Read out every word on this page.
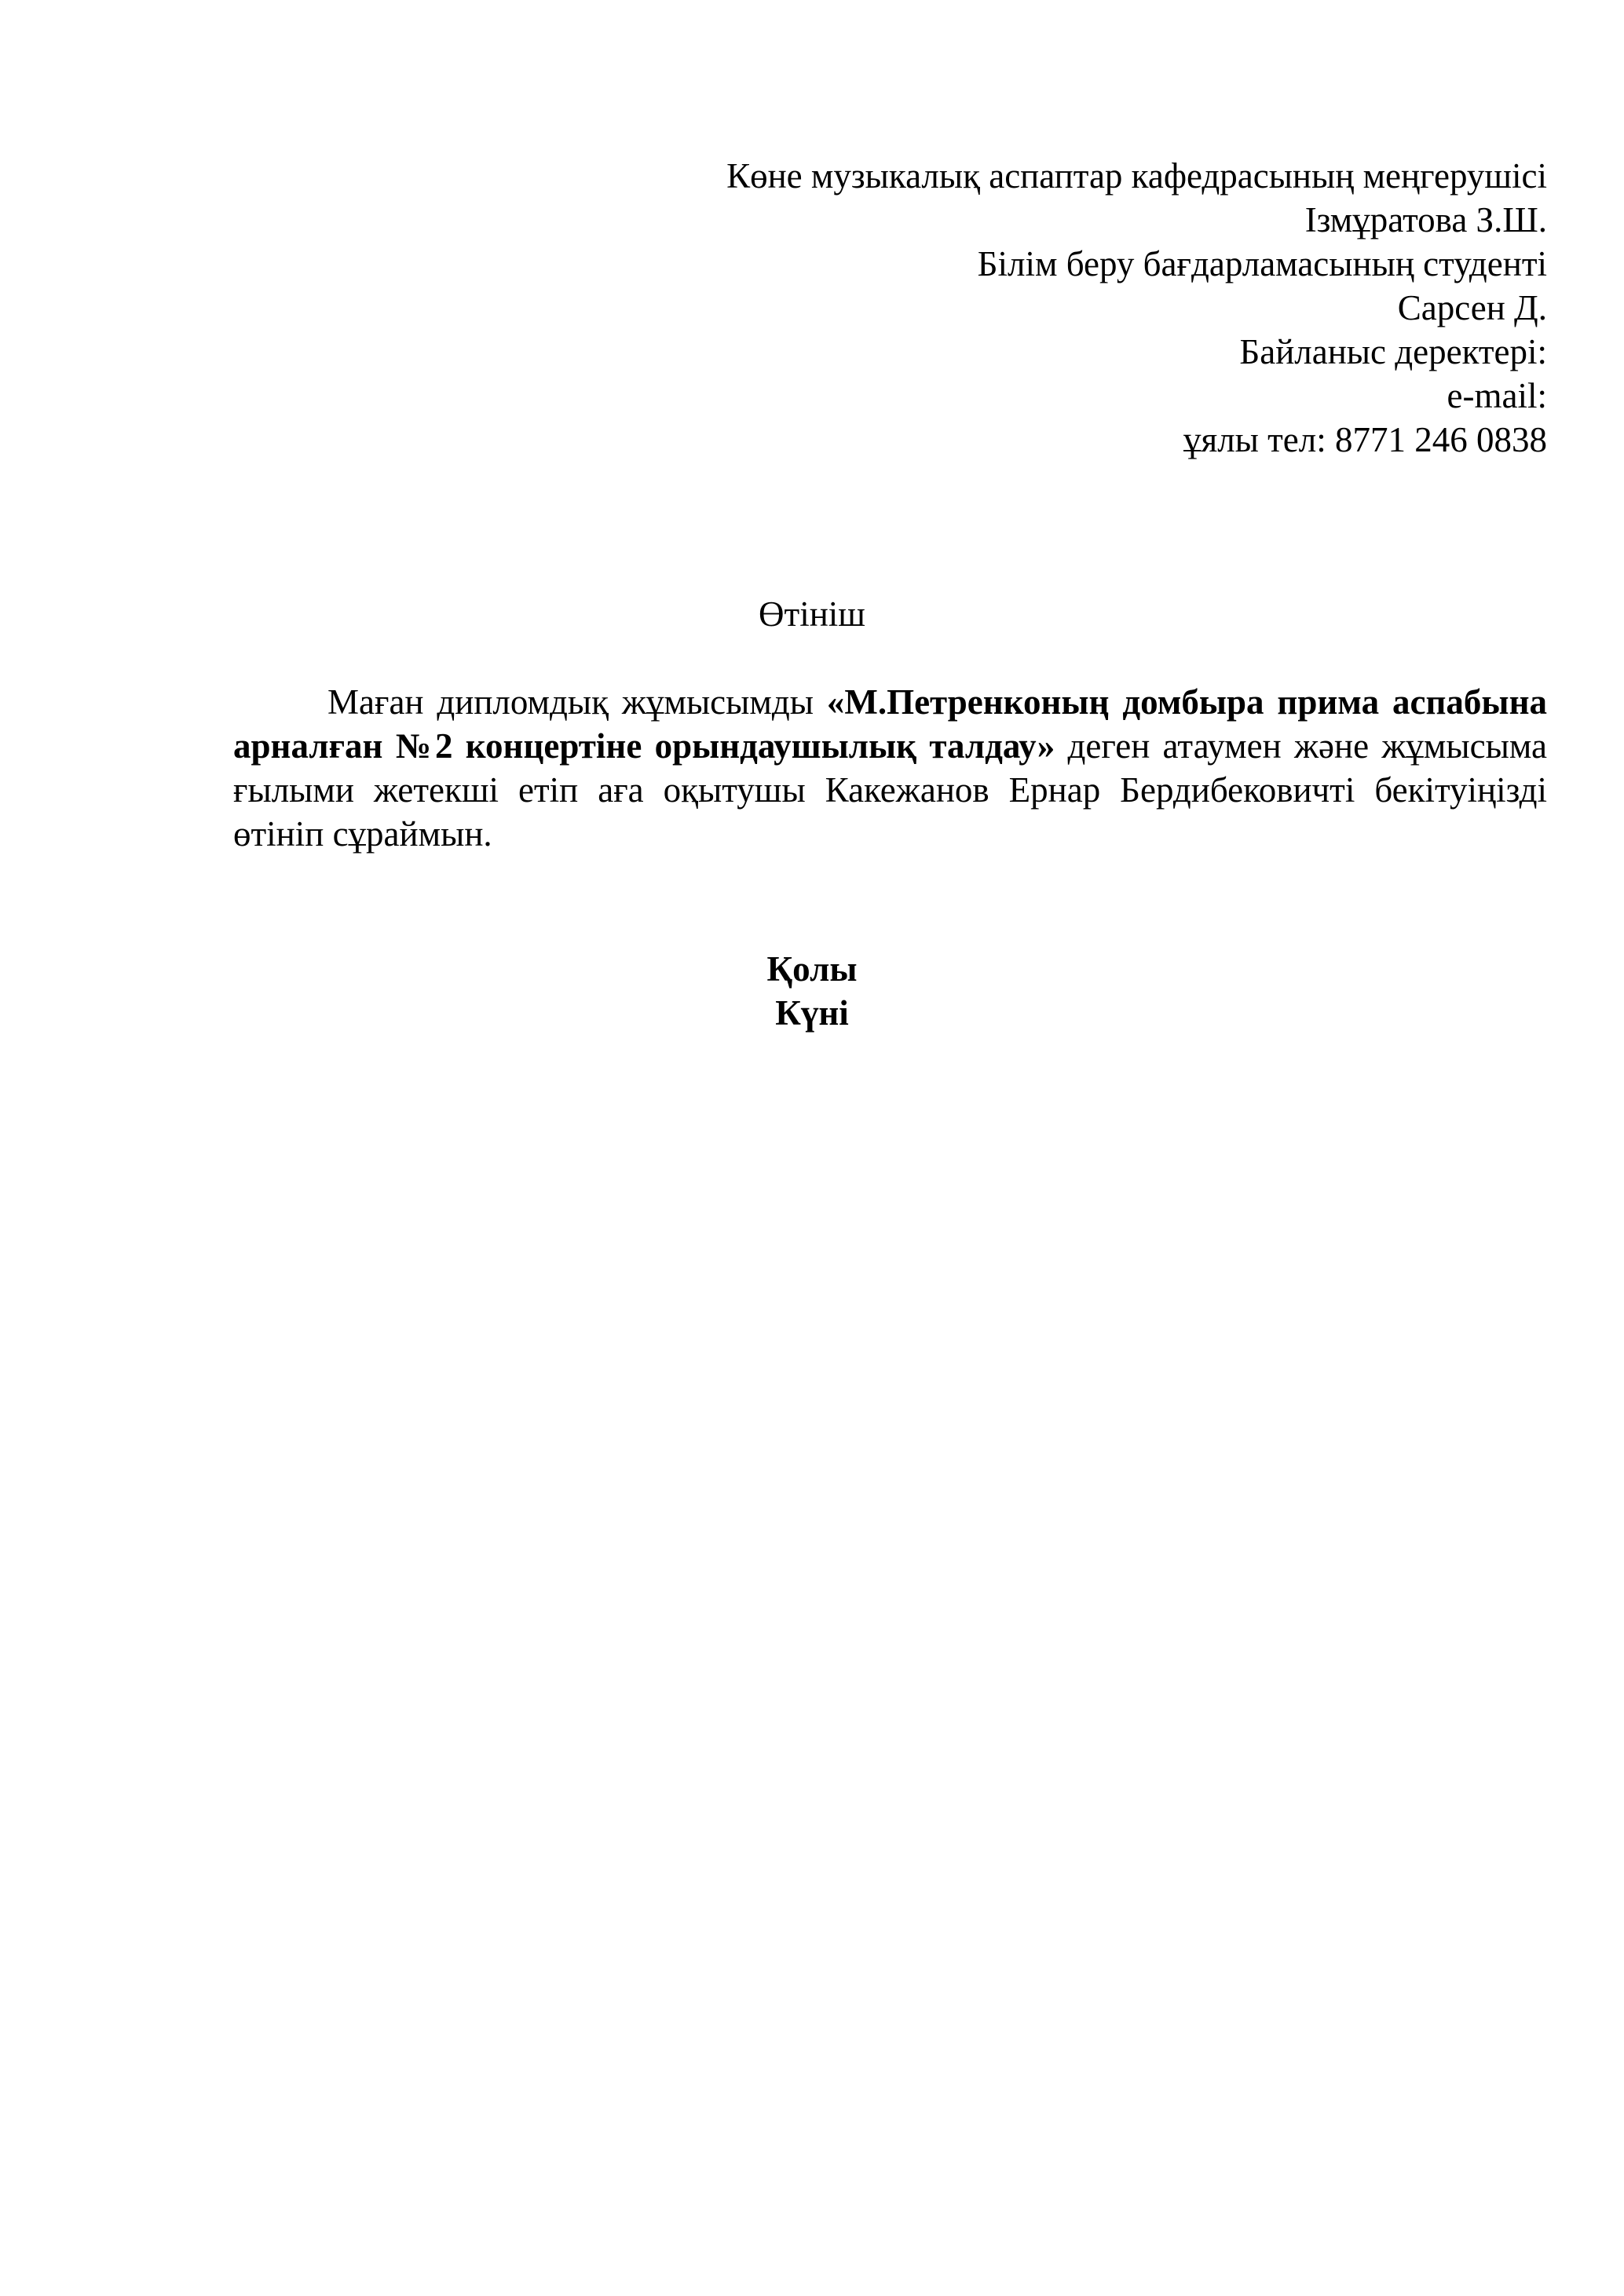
Көне музыкалық аспаптар кафедрасының меңгерушісі
Ізмұратова З.Ш.
Білім беру бағдарламасының студенті
Сарсен Д.
Байланыс деректері:
e-mail:
ұялы тел: 8771 246 0838
Өтініш

Маған дипломдық жұмысымды «М.Петренконың домбыра прима аспабына арналған №2 концертіне орындаушылық талдау» деген атаумен және жұмысыма ғылыми жетекші етіп аға оқытушы Какежанов Ернар Бердибековичті бекітуіңізді өтініп сұраймын.

Қолы
Күні
